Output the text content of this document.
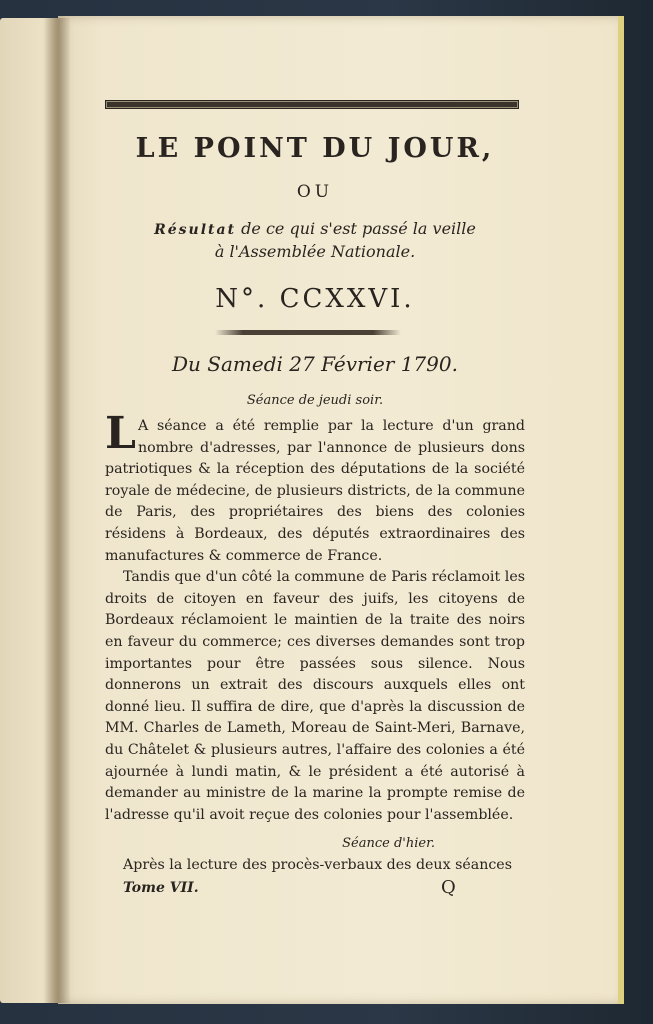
LE POINT DU JOUR,
OU
Résultat de ce qui s'est passé la veille
à l'Assemblée Nationale.
N°. CCXXVI.
Du Samedi 27 Février 1790.
Séance de jeudi soir.

L A séance a été remplie par la lecture d'un grand nombre d'adresses, par l'annonce de plusieurs dons patriotiques & la réception des députations de la société royale de médecine, de plusieurs districts, de la commune de Paris, des propriétaires des biens des colonies résidens à Bordeaux, des députés extraordinaires des manufactures & commerce de France.

Tandis que d'un côté la commune de Paris réclamoit les droits de citoyen en faveur des juifs, les citoyens de Bordeaux réclamoient le maintien de la traite des noirs en faveur du commerce; ces diverses demandes sont trop importantes pour être passées sous silence. Nous donnerons un extrait des discours auxquels elles ont donné lieu. Il suffira de dire, que d'après la discussion de MM. Charles de Lameth, Moreau de Saint-Meri, Barnave, du Châtelet & plusieurs autres, l'affaire des colonies a été ajournée à lundi matin, & le président a été autorisé à demander au ministre de la marine la prompte remise de l'adresse qu'il avoit reçue des colonies pour l'assemblée.

Séance d'hier.
Après la lecture des procès-verbaux des deux séances
Tome VII.	Q
